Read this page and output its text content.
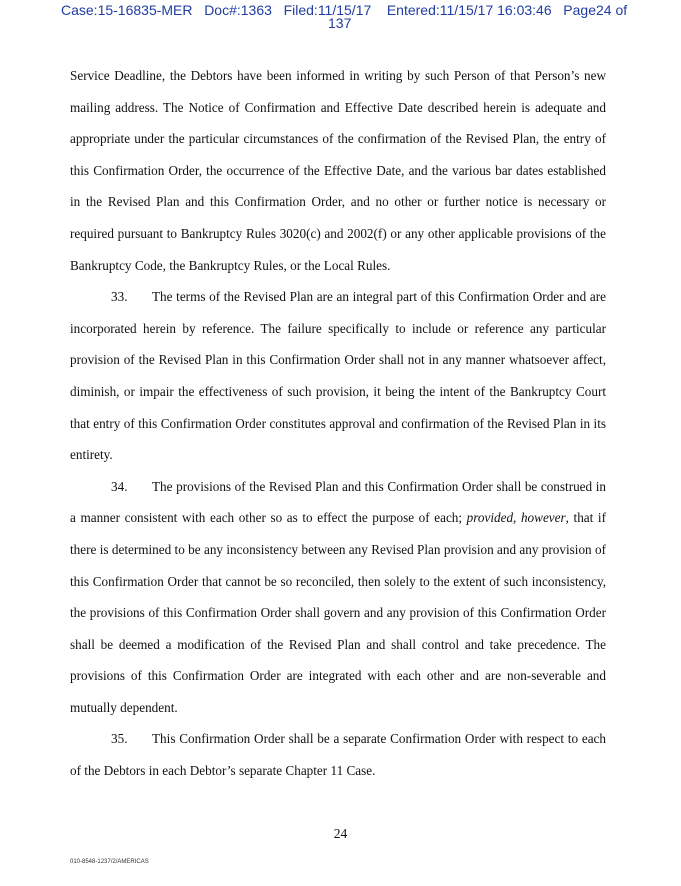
Case:15-16835-MER Doc#:1363 Filed:11/15/17 Entered:11/15/17 16:03:46 Page24 of
137

Service Deadline, the Debtors have been informed in writing by such Person of that Person’s new mailing address. The Notice of Confirmation and Effective Date described herein is adequate and appropriate under the particular circumstances of the confirmation of the Revised Plan, the entry of this Confirmation Order, the occurrence of the Effective Date, and the various bar dates established in the Revised Plan and this Confirmation Order, and no other or further notice is necessary or required pursuant to Bankruptcy Rules 3020(c) and 2002(f) or any other applicable provisions of the Bankruptcy Code, the Bankruptcy Rules, or the Local Rules.

33. The terms of the Revised Plan are an integral part of this Confirmation Order and are incorporated herein by reference. The failure specifically to include or reference any particular provision of the Revised Plan in this Confirmation Order shall not in any manner whatsoever affect, diminish, or impair the effectiveness of such provision, it being the intent of the Bankruptcy Court that entry of this Confirmation Order constitutes approval and confirmation of the Revised Plan in its entirety.

34. The provisions of the Revised Plan and this Confirmation Order shall be construed in a manner consistent with each other so as to effect the purpose of each; provided, however, that if there is determined to be any inconsistency between any Revised Plan provision and any provision of this Confirmation Order that cannot be so reconciled, then solely to the extent of such inconsistency, the provisions of this Confirmation Order shall govern and any provision of this Confirmation Order shall be deemed a modification of the Revised Plan and shall control and take precedence. The provisions of this Confirmation Order are integrated with each other and are non-severable and mutually dependent.

35. This Confirmation Order shall be a separate Confirmation Order with respect to each of the Debtors in each Debtor’s separate Chapter 11 Case.

24
010-8548-1237/2/AMERICAS
